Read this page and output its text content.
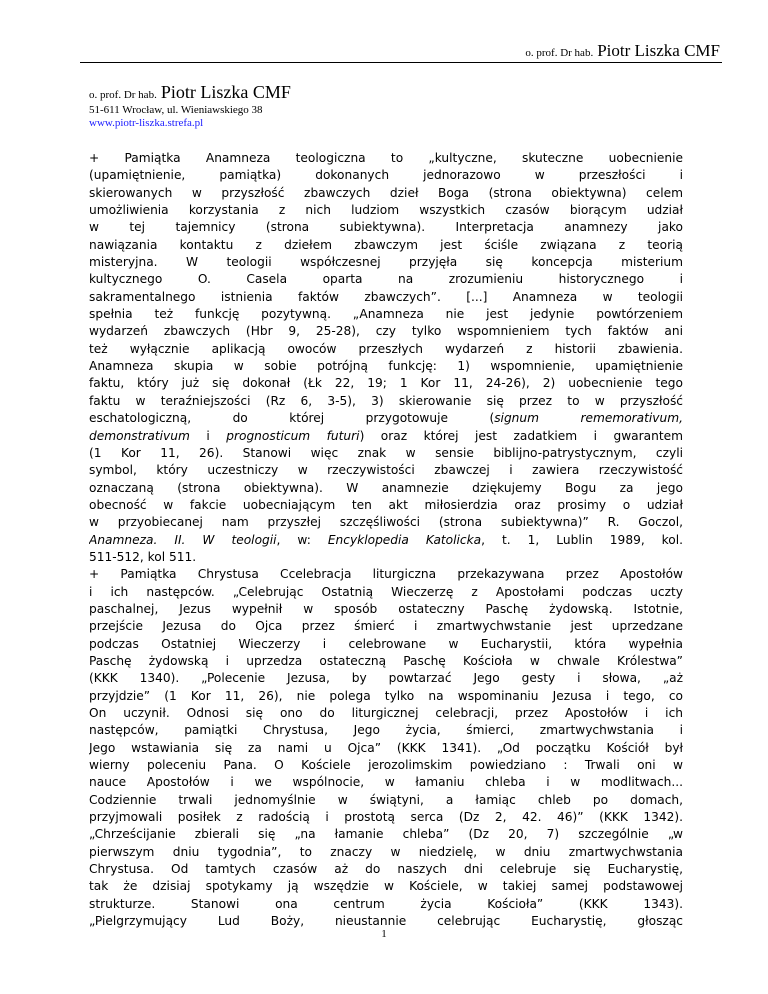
o. prof. Dr hab. Piotr Liszka CMF
o. prof. Dr hab. Piotr Liszka CMF
51-611 Wrocław, ul. Wieniawskiego 38
www.piotr-liszka.strefa.pl
+ Pamiątka Anamneza teologiczna to „kultyczne, skuteczne uobecnienie
(upamiętnienie, pamiątka) dokonanych jednorazowo w przeszłości i
skierowanych w przyszłość zbawczych dzieł Boga (strona obiektywna) celem
umożliwienia korzystania z nich ludziom wszystkich czasów biorącym udział
w tej tajemnicy (strona subiektywna). Interpretacja anamnezy jako
nawiązania kontaktu z dziełem zbawczym jest ściśle związana z teorią
misteryjna. W teologii współczesnej przyjęła się koncepcja misterium
kultycznego O. Casela oparta na zrozumieniu historycznego i
sakramentalnego istnienia faktów zbawczych”. [...] Anamneza w teologii
spełnia też funkcję pozytywną. „Anamneza nie jest jedynie powtórzeniem
wydarzeń zbawczych (Hbr 9, 25-28), czy tylko wspomnieniem tych faktów ani
też wyłącznie aplikacją owoców przeszłych wydarzeń z historii zbawienia.
Anamneza skupia w sobie potrójną funkcję: 1) wspomnienie, upamiętnienie
faktu, który już się dokonał (Łk 22, 19; 1 Kor 11, 24-26), 2) uobecnienie tego
faktu w teraźniejszości (Rz 6, 3-5), 3) skierowanie się przez to w przyszłość
eschatologiczną, do której przygotowuje (signum rememorativum,
demonstrativum i prognosticum futuri) oraz której jest zadatkiem i gwarantem
(1 Kor 11, 26). Stanowi więc znak w sensie biblijno-patrystycznym, czyli
symbol, który uczestniczy w rzeczywistości zbawczej i zawiera rzeczywistość
oznaczaną (strona obiektywna). W anamnezie dziękujemy Bogu za jego
obecność w fakcie uobecniającym ten akt miłosierdzia oraz prosimy o udział
w przyobiecanej nam przyszłej szczęśliwości (strona subiektywna)” R. Goczol,
Anamneza. II. W teologii, w: Encyklopedia Katolicka, t. 1, Lublin 1989, kol.
511-512, kol 511.
+ Pamiątka Chrystusa Ccelebracja liturgiczna przekazywana przez Apostołów
i ich następców. „Celebrując Ostatnią Wieczerzę z Apostołami podczas uczty
paschalnej, Jezus wypełnił w sposób ostateczny Paschę żydowską. Istotnie,
przejście Jezusa do Ojca przez śmierć i zmartwychwstanie jest uprzedzane
podczas Ostatniej Wieczerzy i celebrowane w Eucharystii, która wypełnia
Paschę żydowską i uprzedza ostateczną Paschę Kościoła w chwale Królestwa”
(KKK 1340). „Polecenie Jezusa, by powtarzać Jego gesty i słowa, „aż
przyjdzie” (1 Kor 11, 26), nie polega tylko na wspominaniu Jezusa i tego, co
On uczynił. Odnosi się ono do liturgicznej celebracji, przez Apostołów i ich
następców, pamiątki Chrystusa, Jego życia, śmierci, zmartwychwstania i
Jego wstawiania się za nami u Ojca” (KKK 1341). „Od początku Kościół był
wierny poleceniu Pana. O Kościele jerozolimskim powiedziano : Trwali oni w
nauce Apostołów i we wspólnocie, w łamaniu chleba i w modlitwach...
Codziennie trwali jednomyślnie w świątyni, a łamiąc chleb po domach,
przyjmowali posiłek z radością i prostotą serca (Dz 2, 42. 46)” (KKK 1342).
„Chrześcijanie zbierali się „na łamanie chleba” (Dz 20, 7) szczególnie „w
pierwszym dniu tygodnia”, to znaczy w niedzielę, w dniu zmartwychwstania
Chrystusa. Od tamtych czasów aż do naszych dni celebruje się Eucharystię,
tak że dzisiaj spotykamy ją wszędzie w Kościele, w takiej samej podstawowej
strukturze. Stanowi ona centrum życia Kościoła” (KKK 1343).
„Pielgrzymujący Lud Boży, nieustannie celebrując Eucharystię, głosząc
1
